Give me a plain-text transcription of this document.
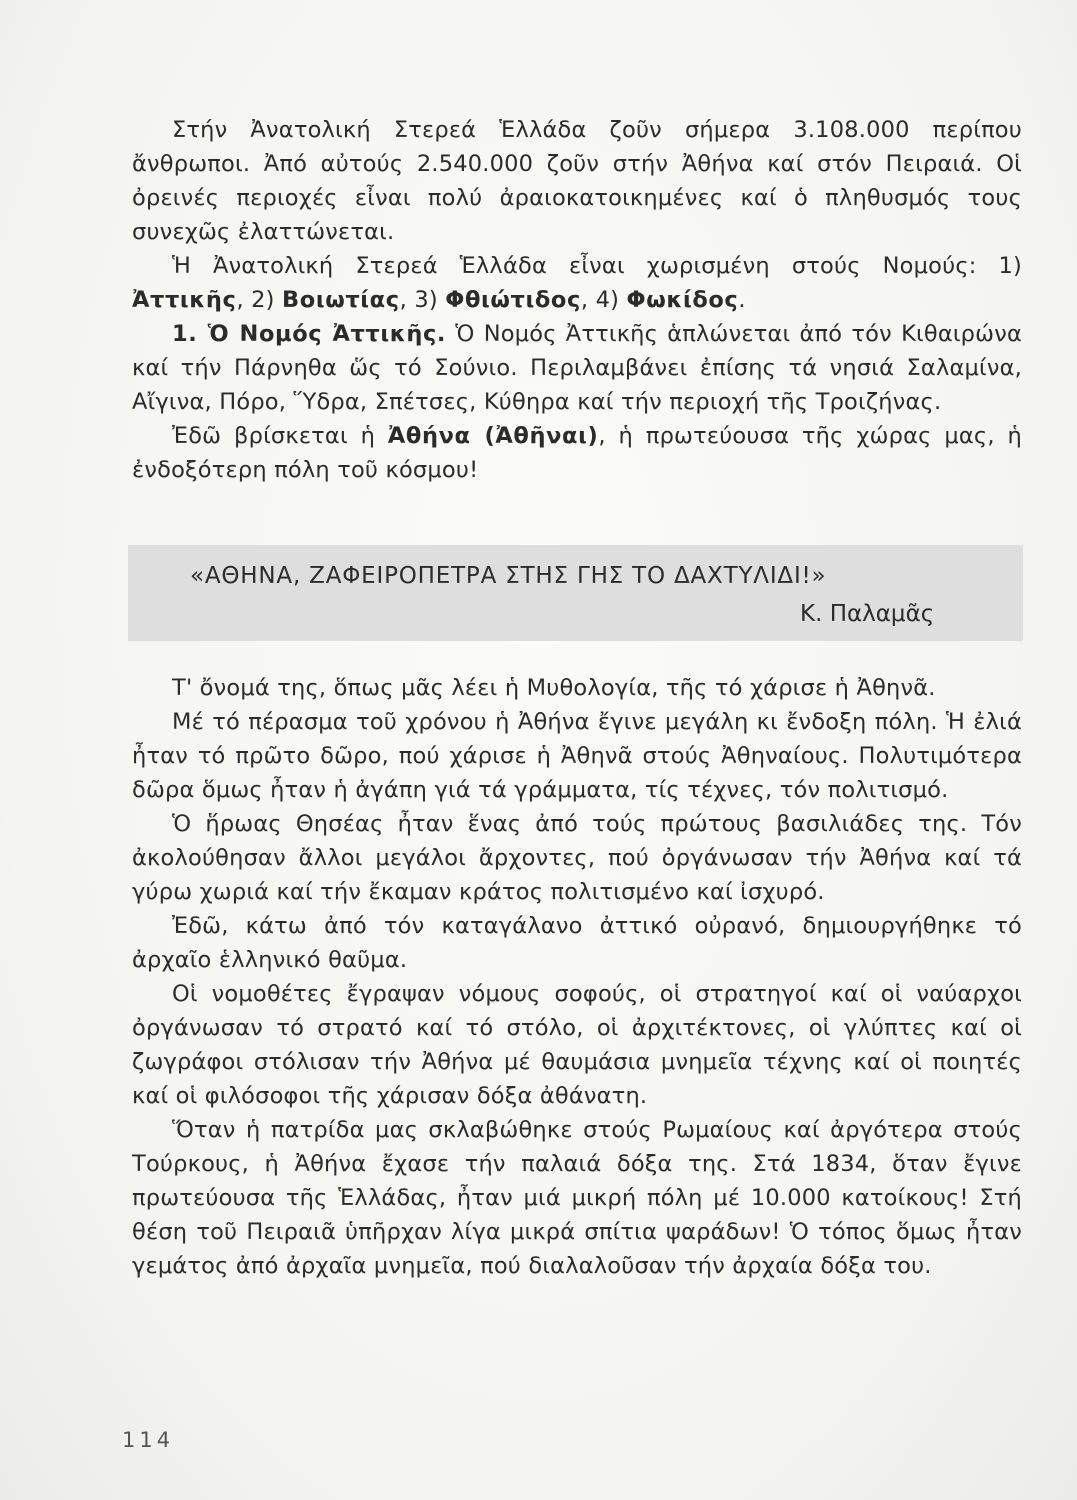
Στήν Ἀνατολική Στερεά Ἑλλάδα ζοῦν σήμερα 3.108.000 περίπου ἄνθρωποι. Ἀπό αὐτούς 2.540.000 ζοῦν στήν Ἀθήνα καί στόν Πειραιά. Οἱ ὀρεινές περιοχές εἶναι πολύ ἀραιοκατοικημένες καί ὁ πληθυσμός τους συνεχῶς ἐλαττώνεται.

Ἡ Ἀνατολική Στερεά Ἑλλάδα εἶναι χωρισμένη στούς Νομούς: 1) Ἀττικῆς, 2) Βοιωτίας, 3) Φθιώτιδος, 4) Φωκίδος.

1. Ὁ Νομός Ἀττικῆς. Ὁ Νομός Ἀττικῆς ἁπλώνεται ἀπό τόν Κιθαιρώνα καί τήν Πάρνηθα ὥς τό Σούνιο. Περιλαμβάνει ἐπίσης τά νησιά Σαλαμίνα, Αἴγινα, Πόρο, Ὕδρα, Σπέτσες, Κύθηρα καί τήν περιοχή τῆς Τροιζήνας.

Ἐδῶ βρίσκεται ἡ Ἀθήνα (Ἀθῆναι), ἡ πρωτεύουσα τῆς χώρας μας, ἡ ἐνδοξότερη πόλη τοῦ κόσμου!

«ΑΘΗΝΑ, ΖΑΦΕΙΡΟΠΕΤΡΑ ΣΤΗΣ ΓΗΣ ΤΟ ΔΑΧΤΥΛΙΔΙ!»
Κ. Παλαμᾶς

Τ' ὄνομά της, ὅπως μᾶς λέει ἡ Μυθολογία, τῆς τό χάρισε ἡ Ἀθηνᾶ.

Μέ τό πέρασμα τοῦ χρόνου ἡ Ἀθήνα ἔγινε μεγάλη κι ἔνδοξη πόλη. Ἡ ἐλιά ἦταν τό πρῶτο δῶρο, πού χάρισε ἡ Ἀθηνᾶ στούς Ἀθηναίους. Πολυτιμότερα δῶρα ὅμως ἦταν ἡ ἀγάπη γιά τά γράμματα, τίς τέχνες, τόν πολιτισμό.

Ὁ ἥρωας Θησέας ἦταν ἕνας ἀπό τούς πρώτους βασιλιάδες της. Τόν ἀκολούθησαν ἄλλοι μεγάλοι ἄρχοντες, πού ὀργάνωσαν τήν Ἀθήνα καί τά γύρω χωριά καί τήν ἔκαμαν κράτος πολιτισμένο καί ἰσχυρό.

Ἐδῶ, κάτω ἀπό τόν καταγάλανο ἀττικό οὐρανό, δημιουργήθηκε τό ἀρχαῖο ἑλληνικό θαῦμα.

Οἱ νομοθέτες ἔγραψαν νόμους σοφούς, οἱ στρατηγοί καί οἱ ναύαρχοι ὀργάνωσαν τό στρατό καί τό στόλο, οἱ ἀρχιτέκτονες, οἱ γλύπτες καί οἱ ζωγράφοι στόλισαν τήν Ἀθήνα μέ θαυμάσια μνημεῖα τέχνης καί οἱ ποιητές καί οἱ φιλόσοφοι τῆς χάρισαν δόξα ἀθάνατη.

Ὅταν ἡ πατρίδα μας σκλαβώθηκε στούς Ρωμαίους καί ἀργότερα στούς Τούρκους, ἡ Ἀθήνα ἔχασε τήν παλαιά δόξα της. Στά 1834, ὅταν ἔγινε πρωτεύουσα τῆς Ἑλλάδας, ἦταν μιά μικρή πόλη μέ 10.000 κατοίκους! Στή θέση τοῦ Πειραιᾶ ὑπῆρχαν λίγα μικρά σπίτια ψαράδων! Ὁ τόπος ὅμως ἦταν γεμάτος ἀπό ἀρχαῖα μνημεῖα, πού διαλαλοῦσαν τήν ἀρχαία δόξα του.

114
